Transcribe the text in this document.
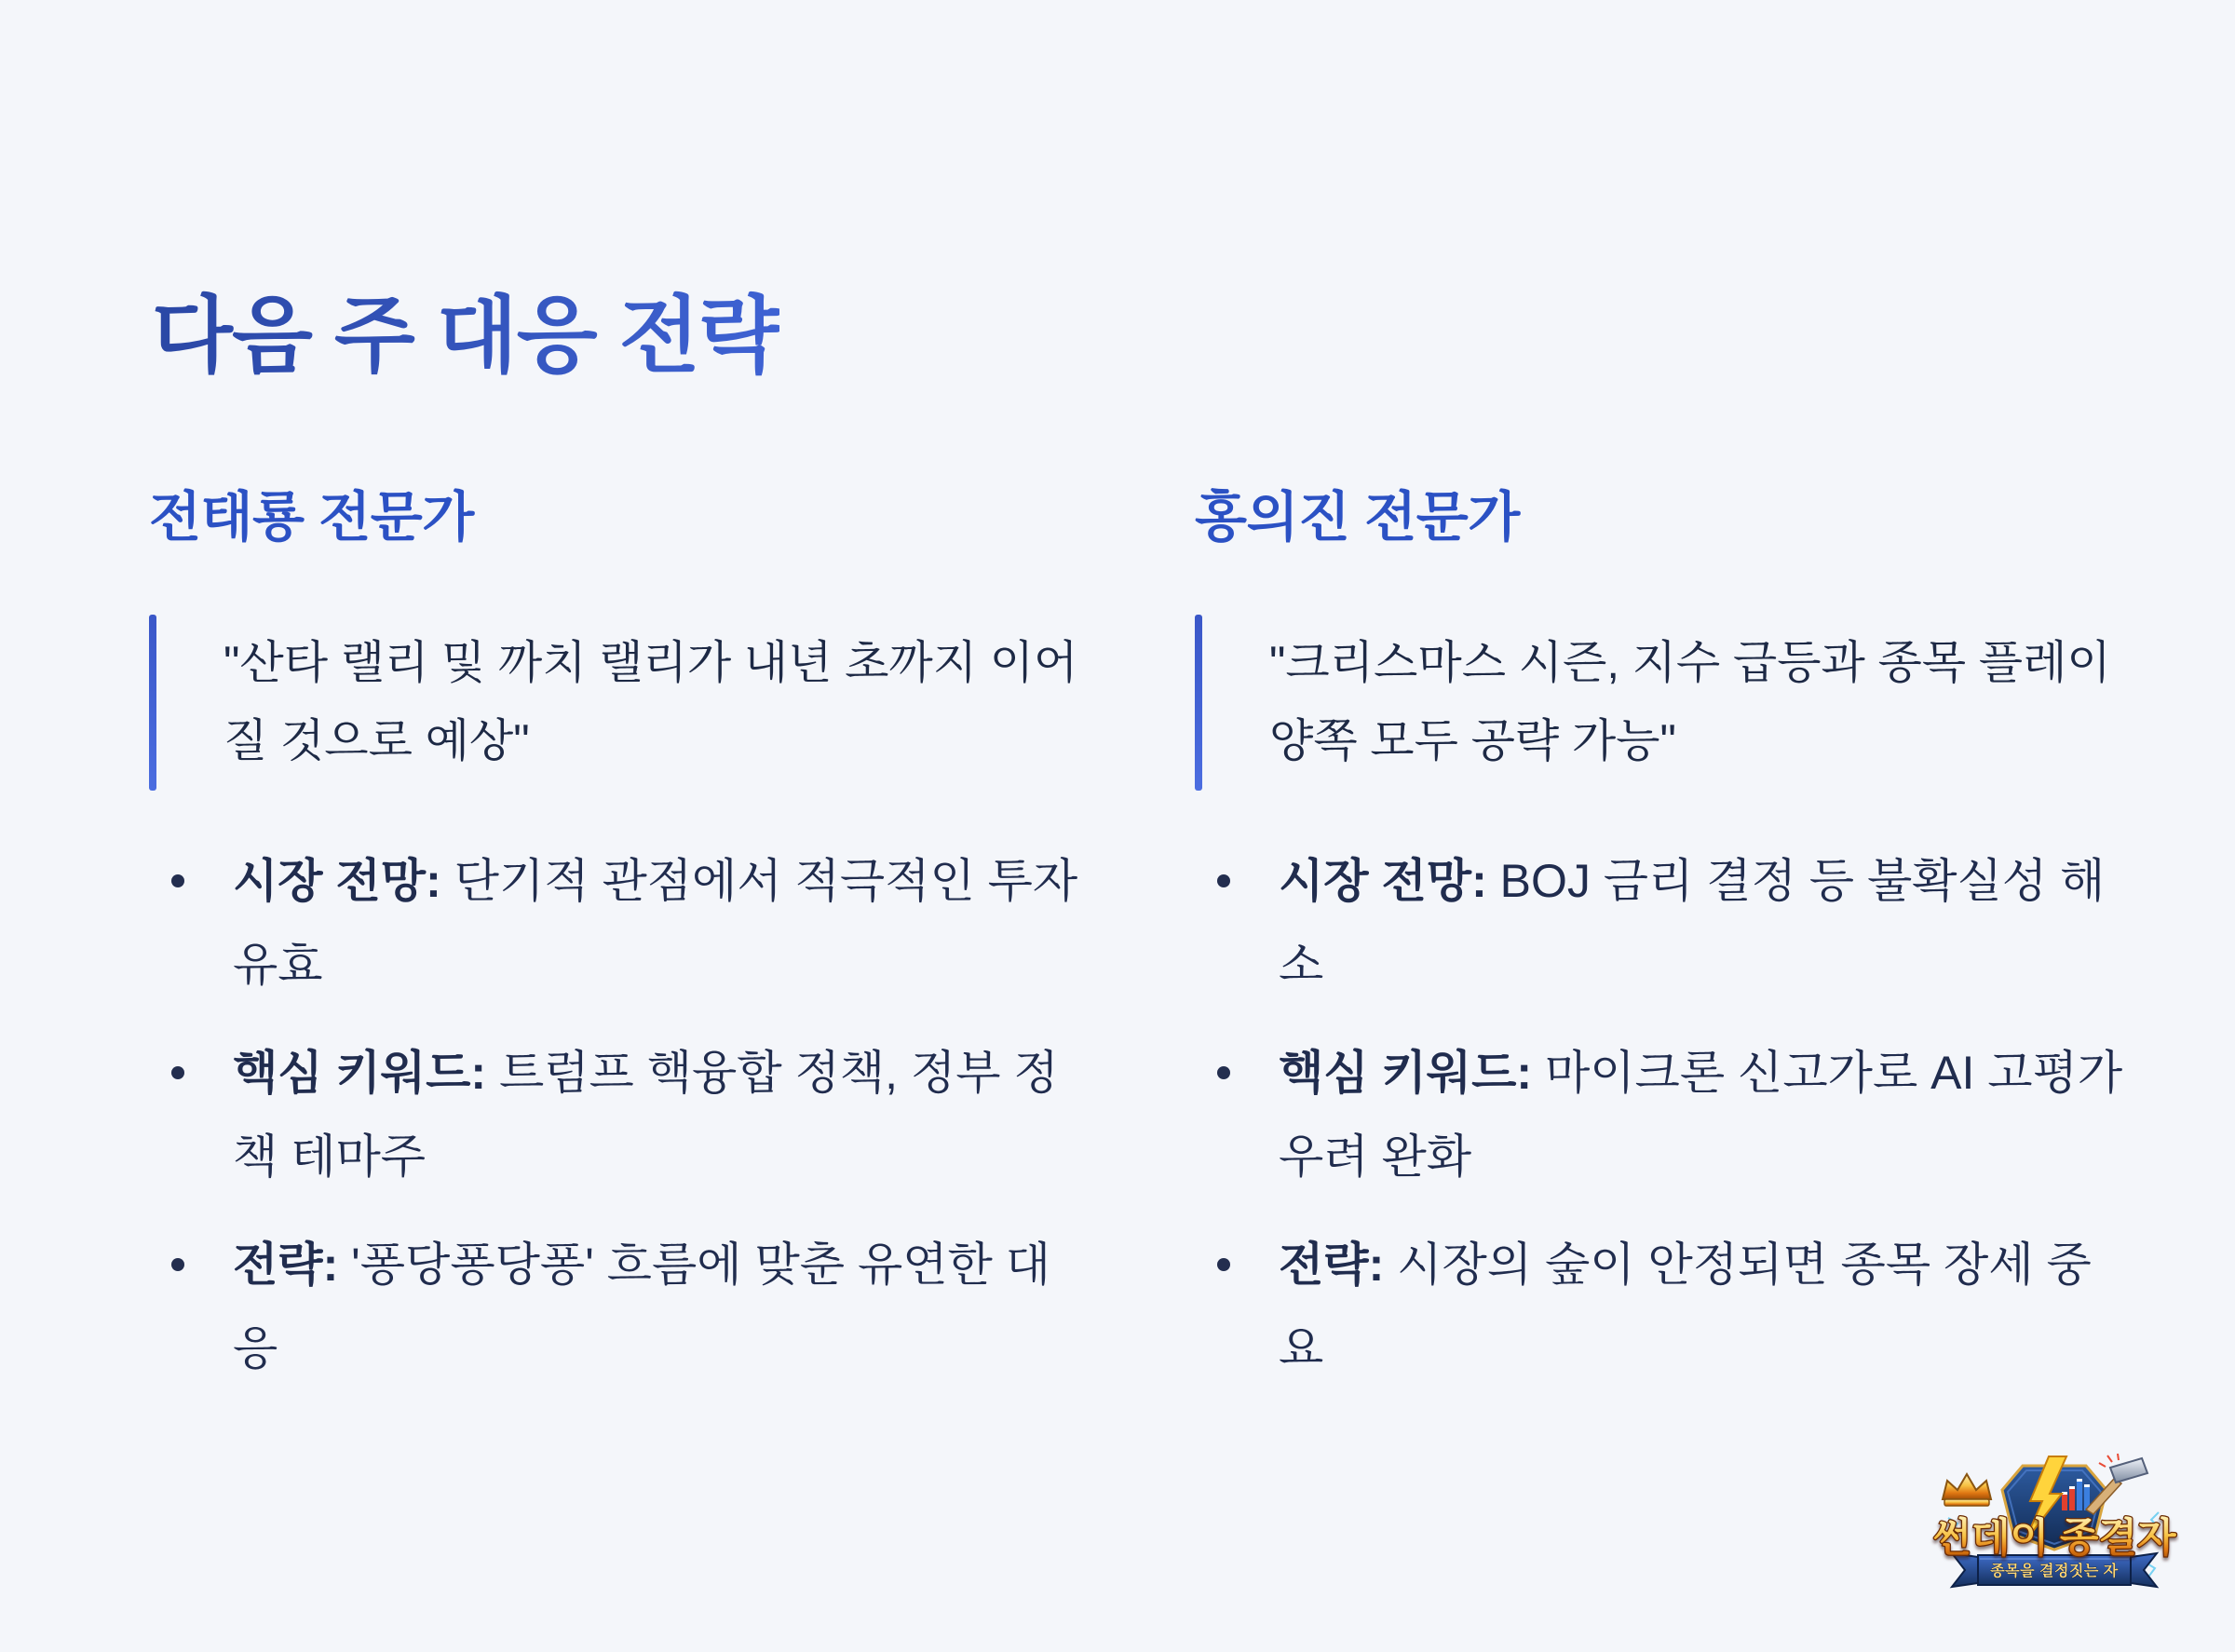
다음 주 대응 전략
전태룡 전문가
"산타 랠리 및 까치 랠리가 내년 초까지 이어질 것으로 예상"
시장 전망: 단기적 관점에서 적극적인 투자 유효
핵심 키워드: 트럼프 핵융합 정책, 정부 정책 테마주
전략: '퐁당퐁당퐁' 흐름에 맞춘 유연한 대응
홍의진 전문가
"크리스마스 시즌, 지수 급등과 종목 플레이 양쪽 모두 공략 가능"
시장 전망: BOJ 금리 결정 등 불확실성 해소
핵심 키워드: 마이크론 신고가로 AI 고평가 우려 완화
전략: 시장의 숲이 안정되면 종목 장세 중요
썬데이 종결자
종목을 결정짓는 자
